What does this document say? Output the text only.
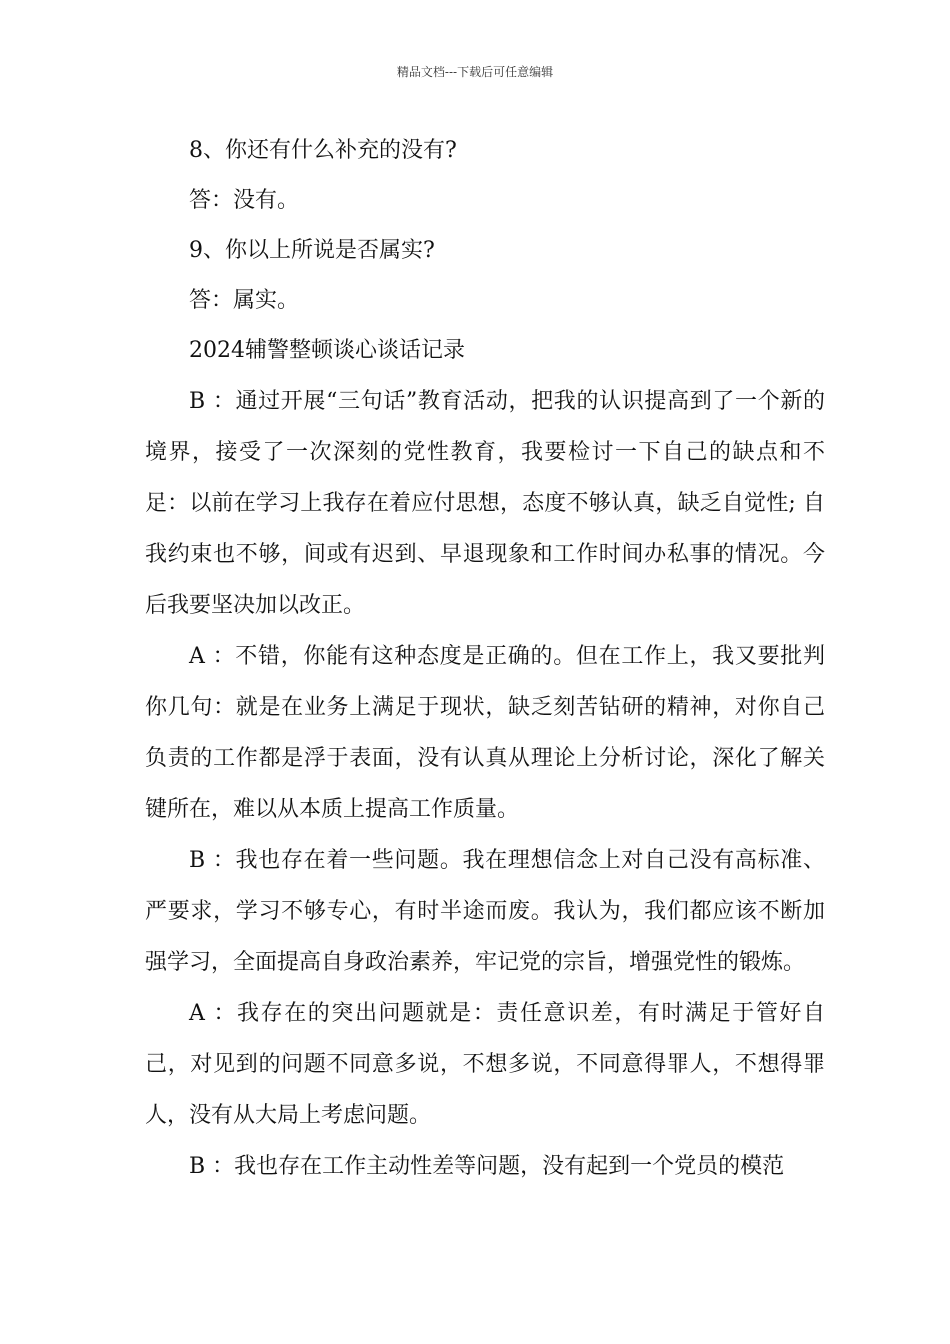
精品文档---下载后可任意编辑
8、你还有什么补充的没有?
答：没有。
9、你以上所说是否属实?
答：属实。
2024辅警整顿谈心谈话记录

B ：通过开展“三句话”教育活动，把我的认识提高到了一个新的境界，接受了一次深刻的党性教育，我要检讨一下自己的缺点和不足：以前在学习上我存在着应付思想，态度不够认真，缺乏自觉性; 自我约束也不够，间或有迟到、早退现象和工作时间办私事的情况。今后我要坚决加以改正。

A ：不错，你能有这种态度是正确的。但在工作上，我又要批判你几句：就是在业务上满足于现状，缺乏刻苦钻研的精神，对你自己负责的工作都是浮于表面，没有认真从理论上分析讨论，深化了解关键所在，难以从本质上提高工作质量。

B ：我也存在着一些问题。我在理想信念上对自己没有高标准、严要求，学习不够专心，有时半途而废。我认为，我们都应该不断加强学习，全面提高自身政治素养，牢记党的宗旨，增强党性的锻炼。

A ：我存在的突出问题就是：责任意识差，有时满足于管好自己，对见到的问题不同意多说，不想多说，不同意得罪人，不想得罪人，没有从大局上考虑问题。

B ：我也存在工作主动性差等问题，没有起到一个党员的模范
